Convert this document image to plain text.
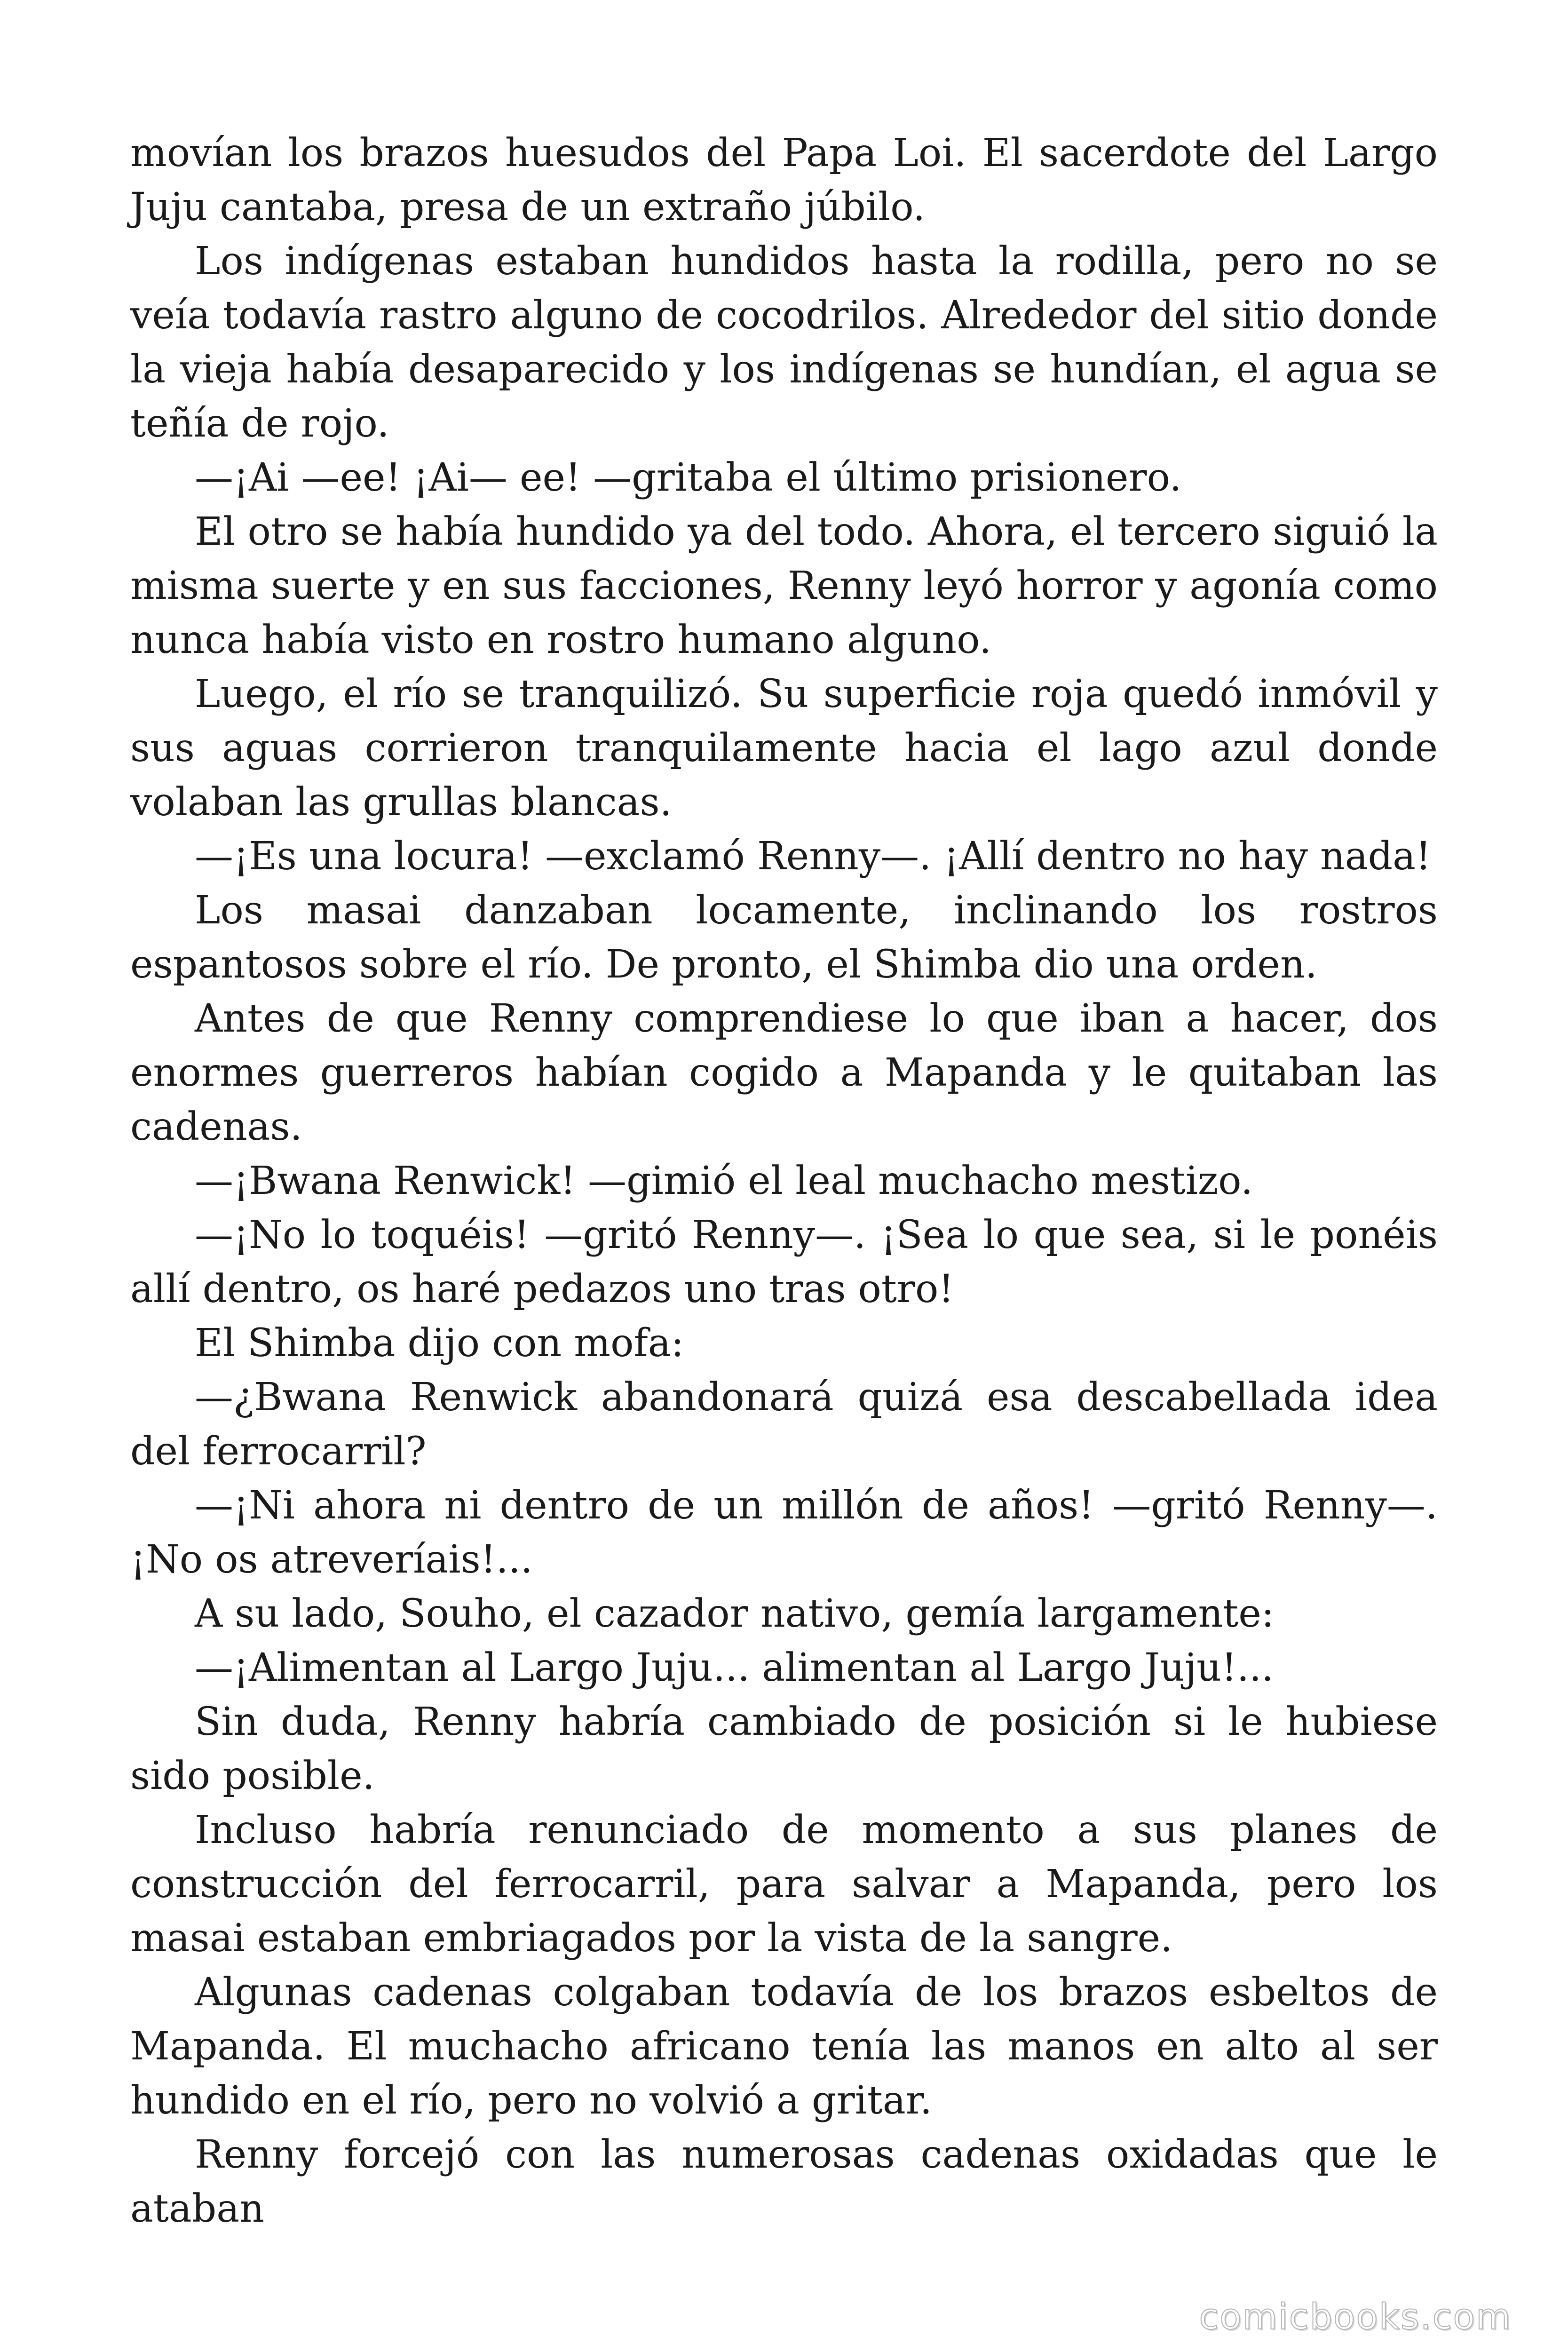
movían los brazos huesudos del Papa Loi. El sacerdote del Largo Juju cantaba, presa de un extraño júbilo.

Los indígenas estaban hundidos hasta la rodilla, pero no se veía todavía rastro alguno de cocodrilos. Alrededor del sitio donde la vieja había desaparecido y los indígenas se hundían, el agua se teñía de rojo.

—¡Ai —ee! ¡Ai— ee! —gritaba el último prisionero.

El otro se había hundido ya del todo. Ahora, el tercero siguió la misma suerte y en sus facciones, Renny leyó horror y agonía como nunca había visto en rostro humano alguno.

Luego, el río se tranquilizó. Su superficie roja quedó inmóvil y sus aguas corrieron tranquilamente hacia el lago azul donde volaban las grullas blancas.

—¡Es una locura! —exclamó Renny—. ¡Allí dentro no hay nada!

Los masai danzaban locamente, inclinando los rostros espantosos sobre el río. De pronto, el Shimba dio una orden.

Antes de que Renny comprendiese lo que iban a hacer, dos enormes guerreros habían cogido a Mapanda y le quitaban las cadenas.

—¡Bwana Renwick! —gimió el leal muchacho mestizo.

—¡No lo toquéis! —gritó Renny—. ¡Sea lo que sea, si le ponéis allí dentro, os haré pedazos uno tras otro!

El Shimba dijo con mofa:

—¿Bwana Renwick abandonará quizá esa descabellada idea del ferrocarril?

—¡Ni ahora ni dentro de un millón de años! —gritó Renny—. ¡No os atreveríais!...

A su lado, Souho, el cazador nativo, gemía largamente:

—¡Alimentan al Largo Juju... alimentan al Largo Juju!...

Sin duda, Renny habría cambiado de posición si le hubiese sido posible.

Incluso habría renunciado de momento a sus planes de construcción del ferrocarril, para salvar a Mapanda, pero los masai estaban embriagados por la vista de la sangre.

Algunas cadenas colgaban todavía de los brazos esbeltos de Mapanda. El muchacho africano tenía las manos en alto al ser hundido en el río, pero no volvió a gritar.

Renny forcejó con las numerosas cadenas oxidadas que le ataban

comicbooks.com
